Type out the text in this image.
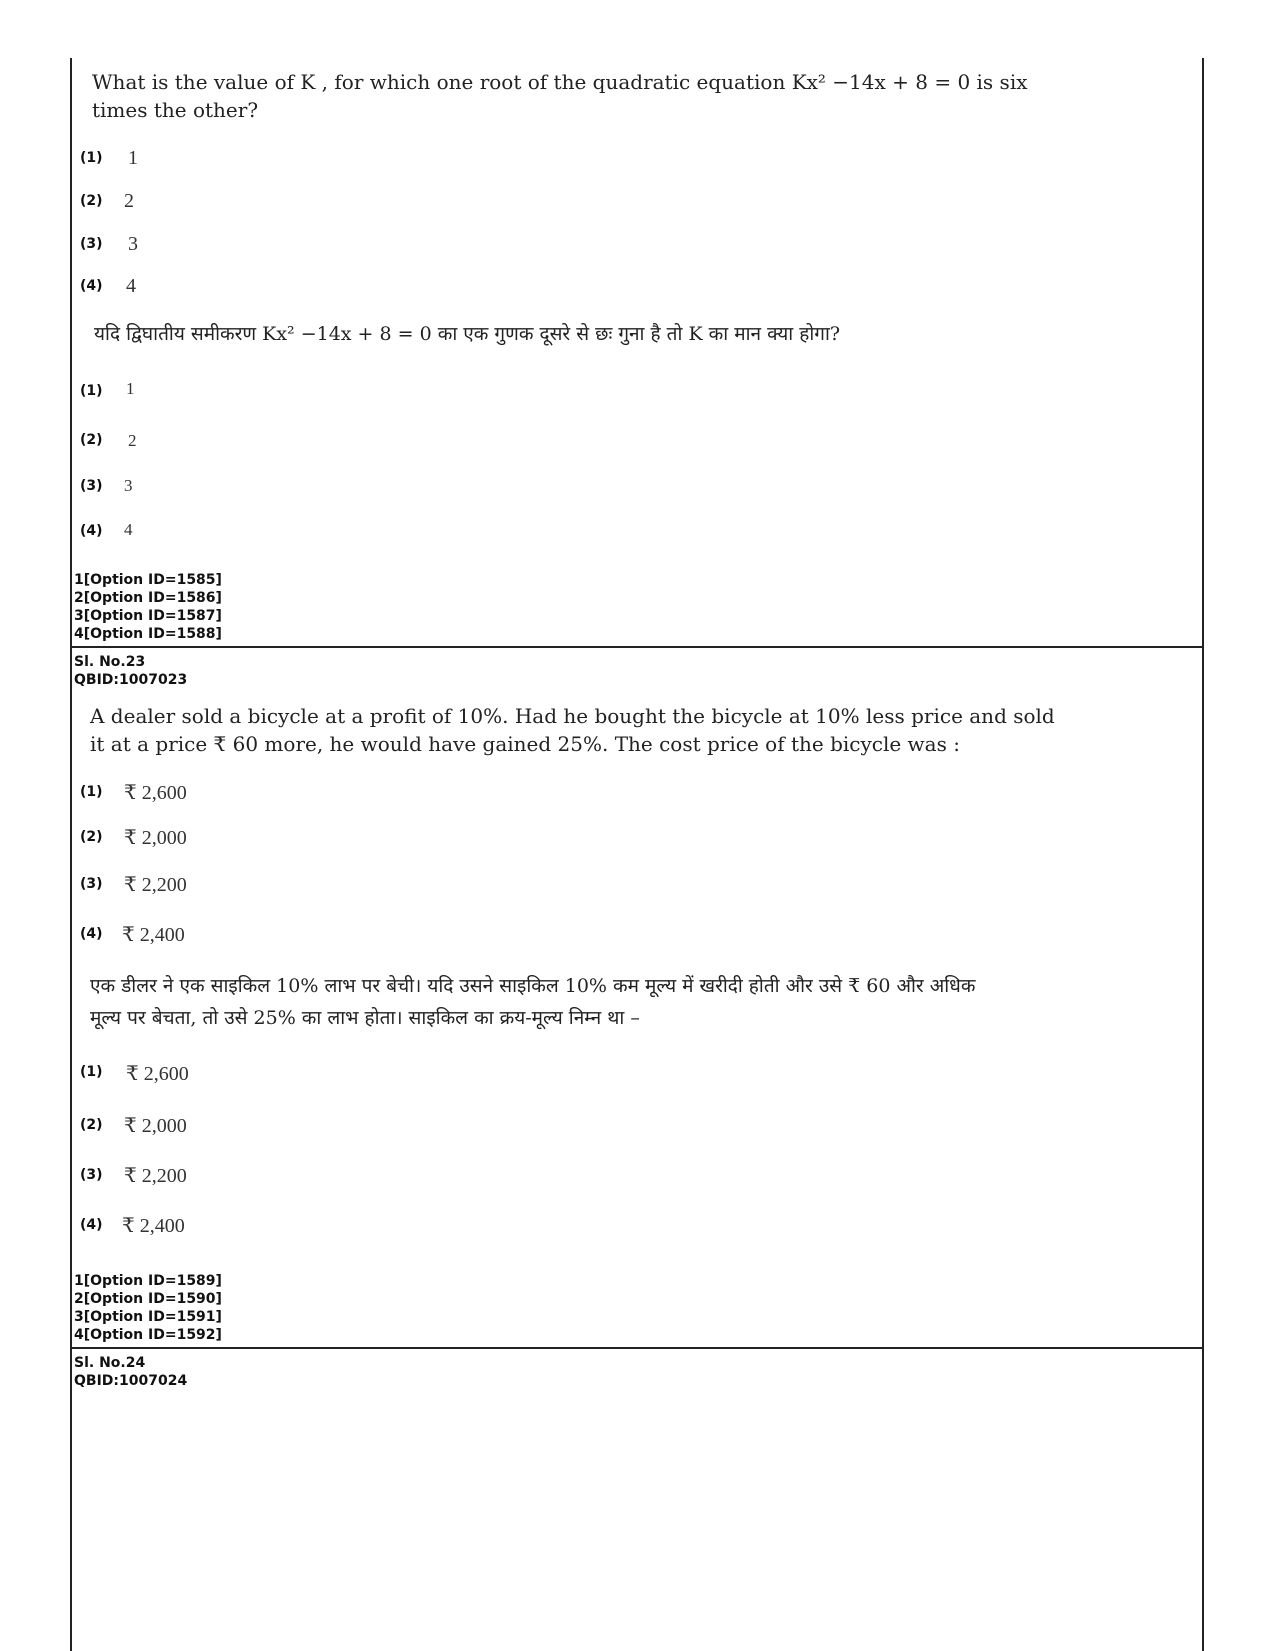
What is the value of K , for which one root of the quadratic equation Kx² −14x + 8 = 0 is six
times the other?
(1) 1
(2) 2
(3) 3
(4) 4
यदि द्विघातीय समीकरण Kx² −14x + 8 = 0 का एक गुणक दूसरे से छः गुना है तो K का मान क्या होगा?
(1) 1
(2) 2
(3) 3
(4) 4
1[Option ID=1585]
2[Option ID=1586]
3[Option ID=1587]
4[Option ID=1588]
Sl. No.23
QBID:1007023
A dealer sold a bicycle at a profit of 10%. Had he bought the bicycle at 10% less price and sold
it at a price ₹ 60 more, he would have gained 25%. The cost price of the bicycle was :
(1) ₹ 2,600
(2) ₹ 2,000
(3) ₹ 2,200
(4) ₹ 2,400
एक डीलर ने एक साइकिल 10% लाभ पर बेची। यदि उसने साइकिल 10% कम मूल्य में खरीदी होती और उसे ₹ 60 और अधिक
मूल्य पर बेचता, तो उसे 25% का लाभ होता। साइकिल का क्रय-मूल्य निम्न था –
(1) ₹ 2,600
(2) ₹ 2,000
(3) ₹ 2,200
(4) ₹ 2,400
1[Option ID=1589]
2[Option ID=1590]
3[Option ID=1591]
4[Option ID=1592]
Sl. No.24
QBID:1007024
